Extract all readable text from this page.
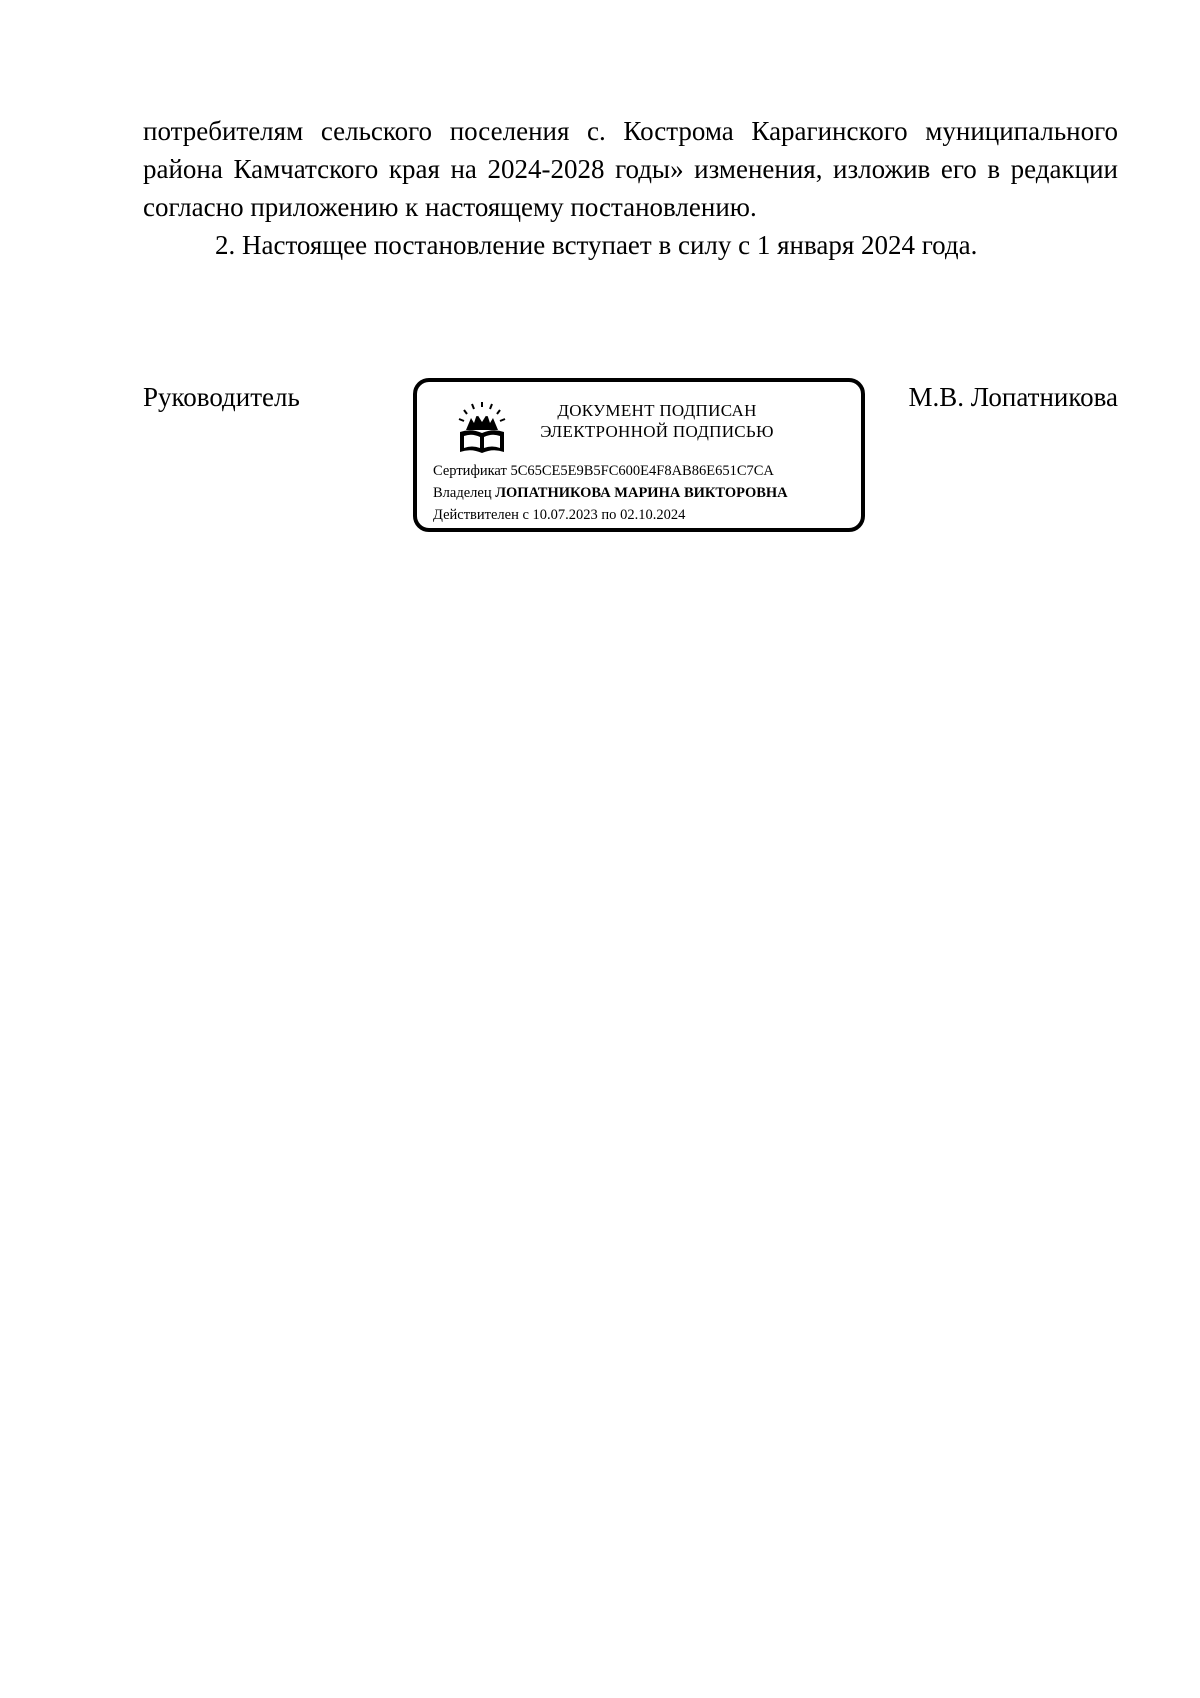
потребителям сельского поселения с. Кострома Карагинского муниципального
района Камчатского края на 2024-2028 годы» изменения, изложив его в редакции
согласно приложению к настоящему постановлению.

2. Настоящее постановление вступает в силу с 1 января 2024 года.

Руководитель	ДОКУМЕНТ ПОДПИСАН
ЭЛЕКТРОННОЙ ПОДПИСЬЮ
Сертификат 5C65CE5E9B5FC600E4F8AB86E651C7CA
Владелец ЛОПАТНИКОВА МАРИНА ВИКТОРОВНА
Действителен с 10.07.2023 по 02.10.2024
М.В. Лопатникова
